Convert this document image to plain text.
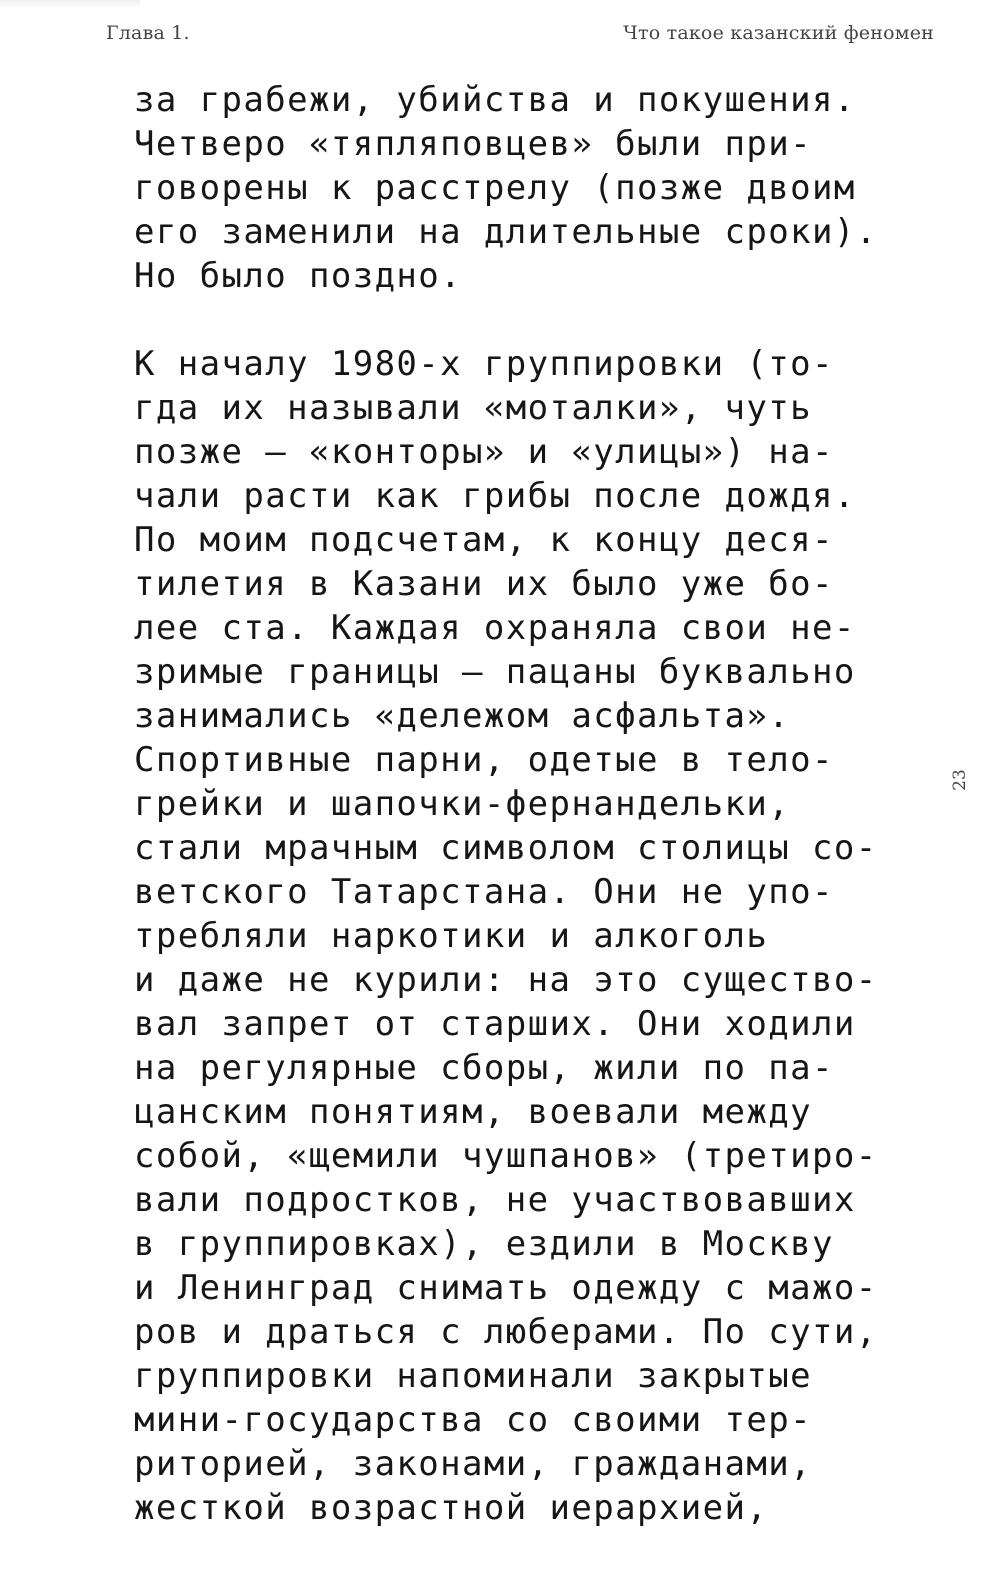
Глава 1.	Что такое казанский феномен
за грабежи, убийства и покушения.
Четверо «тяпляповцев» были при-
говорены к расстрелу (позже двоим
его заменили на длительные сроки).
Но было поздно.
К началу 1980-х группировки (то-
гда их называли «моталки», чуть
позже — «конторы» и «улицы») на-
чали расти как грибы после дождя.
По моим подсчетам, к концу деся-
тилетия в Казани их было уже бо-
лее ста. Каждая охраняла свои не-
зримые границы — пацаны буквально
занимались «дележом асфальта».
Спортивные парни, одетые в тело-
грейки и шапочки-фернандельки,
стали мрачным символом столицы со-
ветского Татарстана. Они не упо-
требляли наркотики и алкоголь
и даже не курили: на это существо-
вал запрет от старших. Они ходили
на регулярные сборы, жили по па-
цанским понятиям, воевали между
собой, «щемили чушпанов» (третиро-
вали подростков, не участвовавших
в группировках), ездили в Москву
и Ленинград снимать одежду с мажо-
ров и драться с люберами. По сути,
группировки напоминали закрытые
мини-государства со своими тер-
риторией, законами, гражданами,
жесткой возрастной иерархией,
23
